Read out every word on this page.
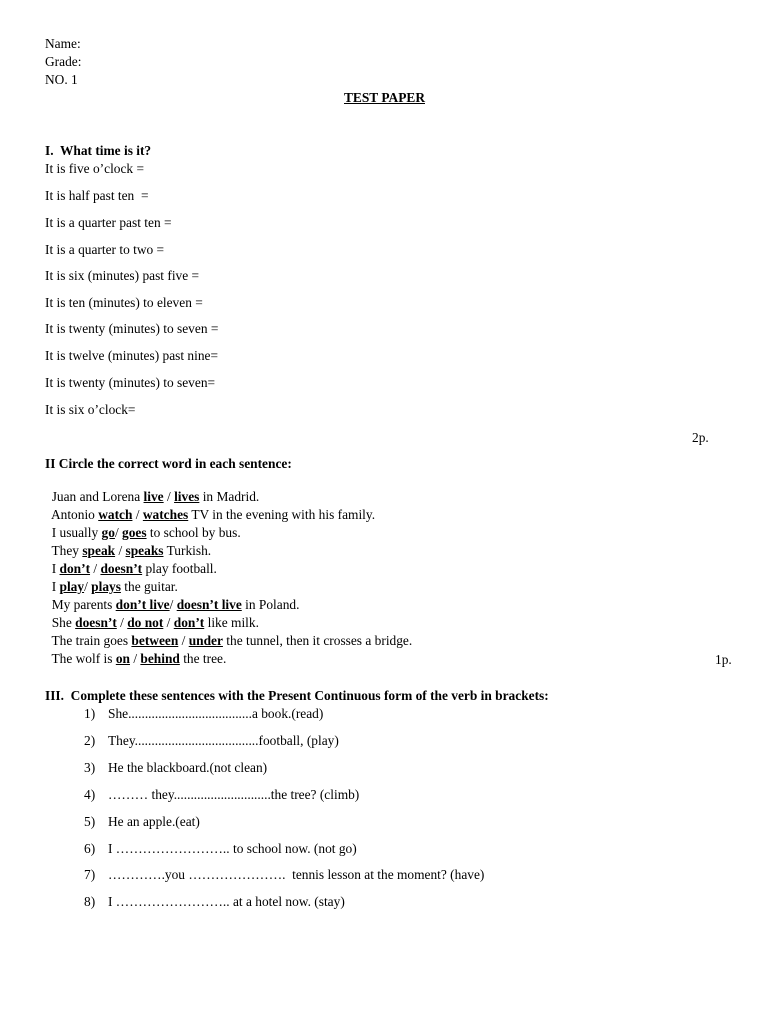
Name:
Grade:
NO. 1
TEST PAPER
I.  What time is it?
It is five o’clock =
It is half past ten  =
It is a quarter past ten =
It is a quarter to two =
It is six (minutes) past five =
It is ten (minutes) to eleven =
It is twenty (minutes) to seven =
It is twelve (minutes) past nine=
It is twenty (minutes) to seven=
It is six o’clock=
2p.
II Circle the correct word in each sentence:

Juan and Lorena live / lives in Madrid.

Antonio watch / watches TV in the evening with his family.

I usually go/ goes to school by bus.

They speak / speaks Turkish.

I don’t / doesn’t play football.

I play/ plays the guitar.

My parents don’t live/ doesn’t live in Poland.

She doesn’t / do not / don’t like milk.

The train goes between / under the tunnel, then it crosses a bridge.

The wolf is on / behind the tree.	1p.
III.  Complete these sentences with the Present Continuous form of the verb in brackets:
1) She.....................................a book.(read)
2) They.....................................football, (play)
3) He the blackboard.(not clean)
4) ……… they.............................the tree? (climb)
5) He an apple.(eat)
6) I …………………….. to school now. (not go)
7) ………….you ………………….  tennis lesson at the moment? (have)
8) I …………………….. at a hotel now. (stay)
